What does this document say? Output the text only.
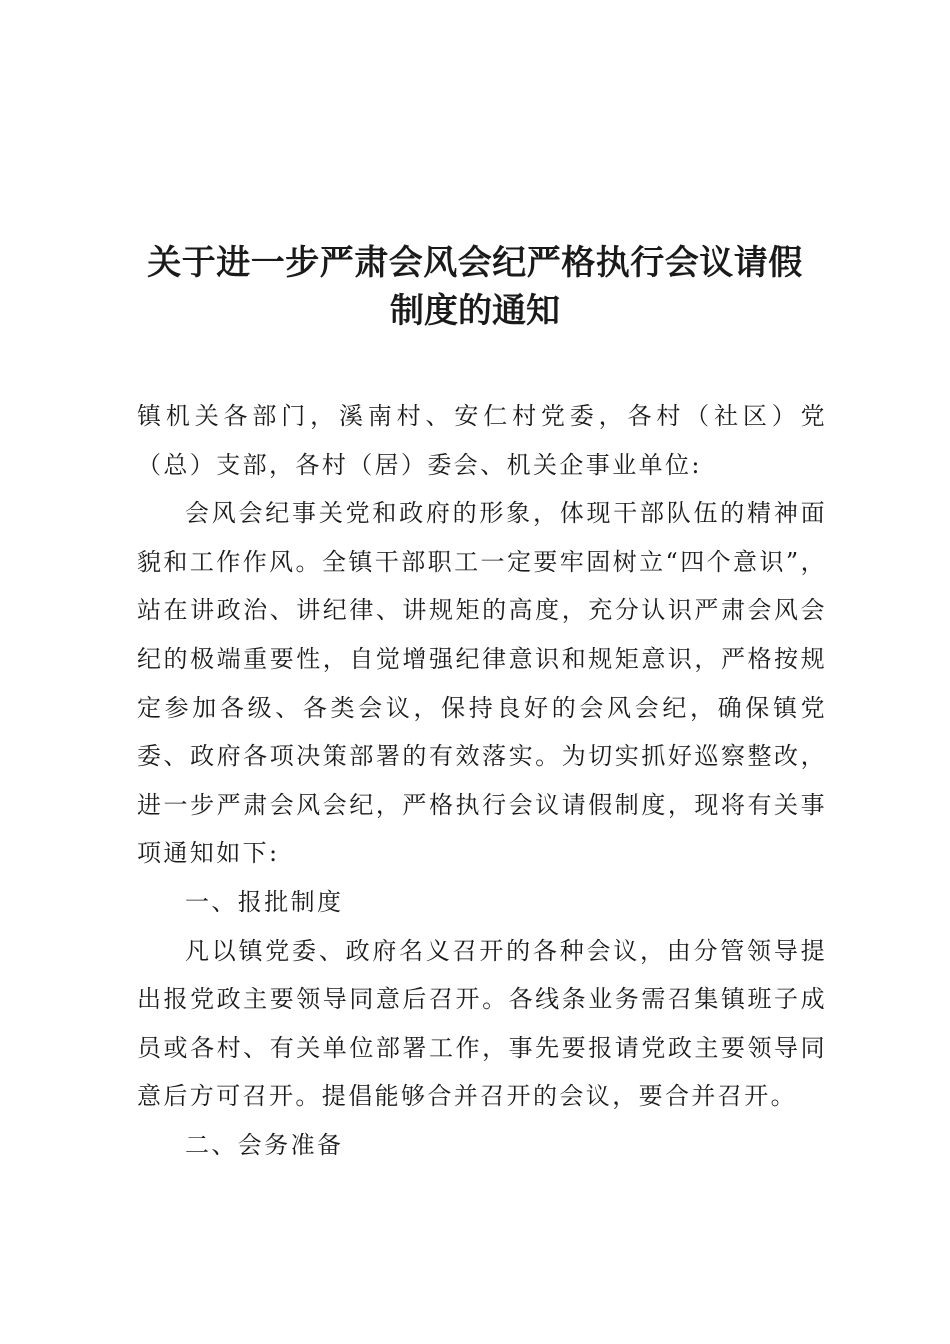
关于进一步严肃会风会纪严格执行会议请假
制度的通知

镇机关各部门，溪南村、安仁村党委，各村（社区）党（总）支部，各村（居）委会、机关企事业单位:

会风会纪事关党和政府的形象，体现干部队伍的精神面貌和工作作风。全镇干部职工一定要牢固树立“四个意识”，站在讲政治、讲纪律、讲规矩的高度，充分认识严肃会风会纪的极端重要性，自觉增强纪律意识和规矩意识，严格按规定参加各级、各类会议，保持良好的会风会纪，确保镇党委、政府各项决策部署的有效落实。为切实抓好巡察整改，进一步严肃会风会纪，严格执行会议请假制度，现将有关事项通知如下:

一、报批制度

凡以镇党委、政府名义召开的各种会议，由分管领导提出报党政主要领导同意后召开。各线条业务需召集镇班子成员或各村、有关单位部署工作，事先要报请党政主要领导同意后方可召开。提倡能够合并召开的会议，要合并召开。

二、会务准备
